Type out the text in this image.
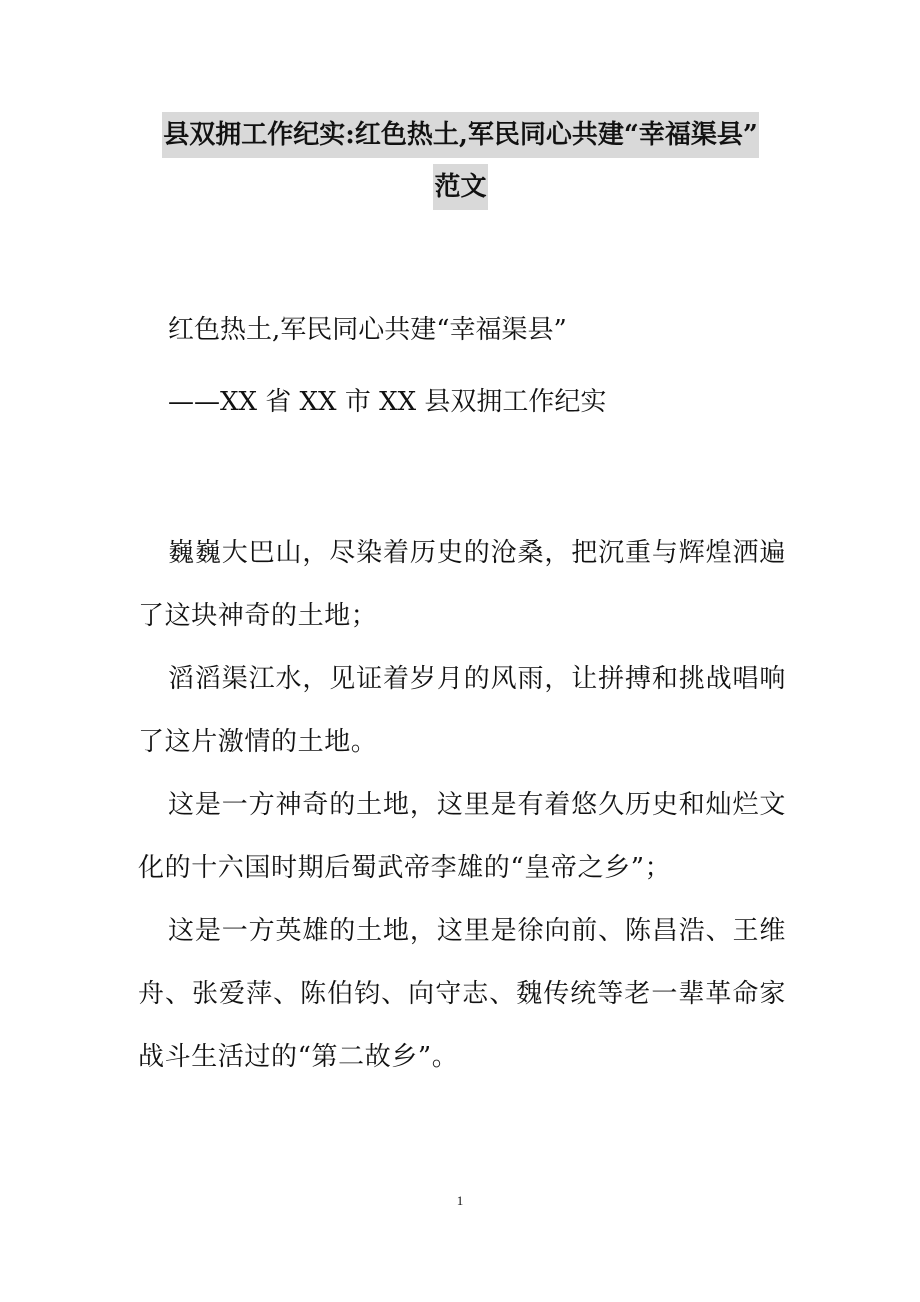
县双拥工作纪实:红色热土,军民同心共建“幸福渠县”
范文
红色热土,军民同心共建“幸福渠县”
——XX 省 XX 市 XX 县双拥工作纪实

巍巍大巴山，尽染着历史的沧桑，把沉重与辉煌洒遍了这块神奇的土地；

滔滔渠江水，见证着岁月的风雨，让拼搏和挑战唱响了这片激情的土地。

这是一方神奇的土地，这里是有着悠久历史和灿烂文化的十六国时期后蜀武帝李雄的“皇帝之乡”；

这是一方英雄的土地，这里是徐向前、陈昌浩、王维舟、张爱萍、陈伯钧、向守志、魏传统等老一辈革命家战斗生活过的“第二故乡”。

1
